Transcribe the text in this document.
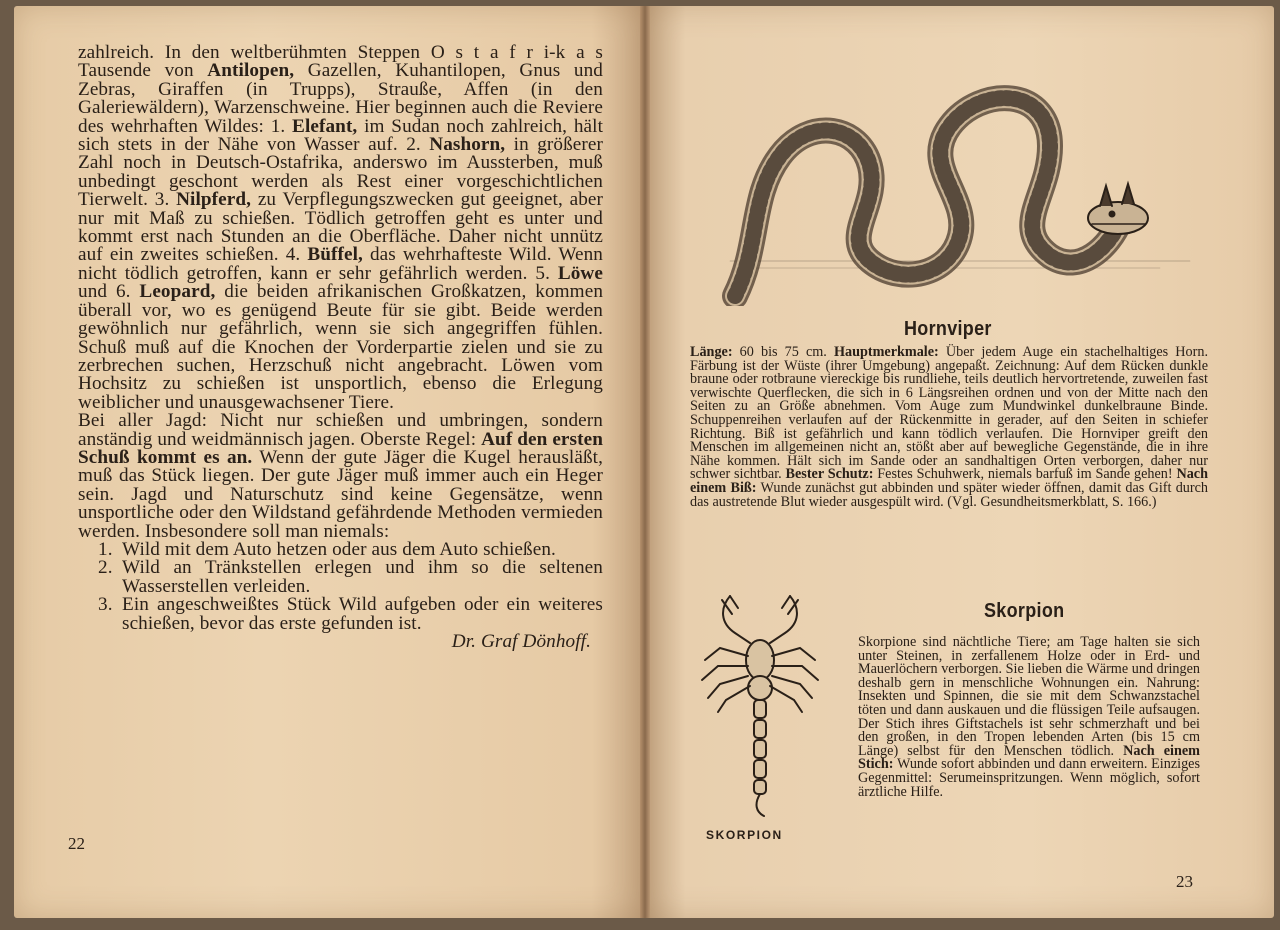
zahlreich. In den weltberühmten Steppen O s t a f r i-k a s Tausende von Antilopen, Gazellen, Kuhantilopen, Gnus und Zebras, Giraffen (in Trupps), Strauße, Affen (in den Galeriewäldern), Warzenschweine. Hier beginnen auch die Reviere des wehrhaften Wildes: 1. Elefant, im Sudan noch zahlreich, hält sich stets in der Nähe von Wasser auf. 2. Nashorn, in größerer Zahl noch in Deutsch-Ostafrika, anderswo im Aussterben, muß unbedingt geschont werden als Rest einer vorgeschichtlichen Tierwelt. 3. Nilpferd, zu Verpflegungszwecken gut geeignet, aber nur mit Maß zu schießen. Tödlich getroffen geht es unter und kommt erst nach Stunden an die Oberfläche. Daher nicht unnütz auf ein zweites schießen. 4. Büffel, das wehrhafteste Wild. Wenn nicht tödlich getroffen, kann er sehr gefährlich werden. 5. Löwe und 6. Leopard, die beiden afrikanischen Großkatzen, kommen überall vor, wo es genügend Beute für sie gibt. Beide werden gewöhnlich nur gefährlich, wenn sie sich angegriffen fühlen. Schuß muß auf die Knochen der Vorderpartie zielen und sie zu zerbrechen suchen, Herzschuß nicht angebracht. Löwen vom Hochsitz zu schießen ist unsportlich, ebenso die Erlegung weiblicher und unausgewachsener Tiere.

Bei aller Jagd: Nicht nur schießen und umbringen, sondern anständig und weidmännisch jagen. Oberste Regel: Auf den ersten Schuß kommt es an. Wenn der gute Jäger die Kugel herausläßt, muß das Stück liegen. Der gute Jäger muß immer auch ein Heger sein. Jagd und Naturschutz sind keine Gegensätze, wenn unsportliche oder den Wildstand gefährdende Methoden vermieden werden. Insbesondere soll man niemals:

1. Wild mit dem Auto hetzen oder aus dem Auto schießen.
2. Wild an Tränkstellen erlegen und ihm so die seltenen Wasserstellen verleiden.
3. Ein angeschweißtes Stück Wild aufgeben oder ein weiteres schießen, bevor das erste gefunden ist.

Dr. Graf Dönhoff.

22
Hornviper
Länge: 60 bis 75 cm. Hauptmerkmale: Über jedem Auge ein stachelhaltiges Horn. Färbung ist der Wüste (ihrer Umgebung) angepaßt. Zeichnung: Auf dem Rücken dunkle braune oder rotbraune viereckige bis rundliehe, teils deutlich hervortretende, zuweilen fast verwischte Querflecken, die sich in 6 Längsreihen ordnen und von der Mitte nach den Seiten zu an Größe abnehmen. Vom Auge zum Mundwinkel dunkelbraune Binde. Schuppenreihen verlaufen auf der Rückenmitte in gerader, auf den Seiten in schiefer Richtung. Biß ist gefährlich und kann tödlich verlaufen. Die Hornviper greift den Menschen im allgemeinen nicht an, stößt aber auf bewegliche Gegenstände, die in ihre Nähe kommen. Hält sich im Sande oder an sandhaltigen Orten verborgen, daher nur schwer sichtbar. Bester Schutz: Festes Schuhwerk, niemals barfuß im Sande gehen! Nach einem Biß: Wunde zunächst gut abbinden und später wieder öffnen, damit das Gift durch das austretende Blut wieder ausgespült wird. (Vgl. Gesundheitsmerkblatt, S. 166.)
Skorpion
SKORPION
Skorpione sind nächtliche Tiere; am Tage halten sie sich unter Steinen, in zerfallenem Holze oder in Erd- und Mauerlöchern verborgen. Sie lieben die Wärme und dringen deshalb gern in menschliche Wohnungen ein. Nahrung: Insekten und Spinnen, die sie mit dem Schwanzstachel töten und dann auskauen und die flüssigen Teile aufsaugen. Der Stich ihres Giftstachels ist sehr schmerzhaft und bei den großen, in den Tropen lebenden Arten (bis 15 cm Länge) selbst für den Menschen tödlich. Nach einem Stich: Wunde sofort abbinden und dann erweitern. Einziges Gegenmittel: Serumeinspritzungen. Wenn möglich, sofort ärztliche Hilfe.
23
